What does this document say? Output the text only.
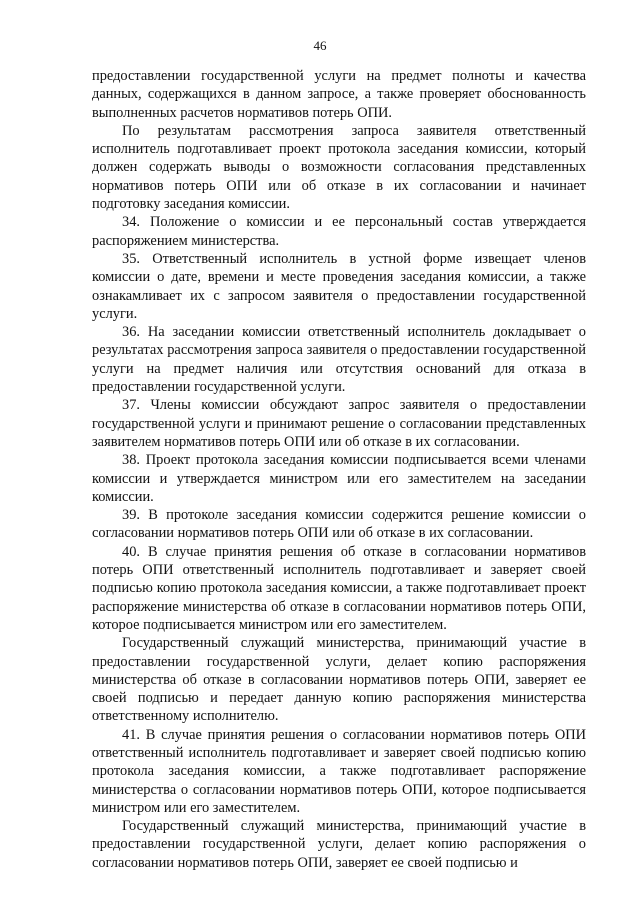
46

предоставлении государственной услуги на предмет полноты и качества данных, содержащихся в данном запросе, а также проверяет обоснованность выполненных расчетов нормативов потерь ОПИ.

По результатам рассмотрения запроса заявителя ответственный исполнитель подготавливает проект протокола заседания комиссии, который должен содержать выводы о возможности согласования представленных нормативов потерь ОПИ или об отказе в их согласовании и начинает подготовку заседания комиссии.

34. Положение о комиссии и ее персональный состав утверждается распоряжением министерства.

35. Ответственный исполнитель в устной форме извещает членов комиссии о дате, времени и месте проведения заседания комиссии, а также ознакамливает их с запросом заявителя о предоставлении государственной услуги.

36. На заседании комиссии ответственный исполнитель докладывает о результатах рассмотрения запроса заявителя о предоставлении государственной услуги на предмет наличия или отсутствия оснований для отказа в предоставлении государственной услуги.

37. Члены комиссии обсуждают запрос заявителя о предоставлении государственной услуги и принимают решение о согласовании представленных заявителем нормативов потерь ОПИ или об отказе в их согласовании.

38. Проект протокола заседания комиссии подписывается всеми членами комиссии и утверждается министром или его заместителем на заседании комиссии.

39. В протоколе заседания комиссии содержится решение комиссии о согласовании нормативов потерь ОПИ или об отказе в их согласовании.

40. В случае принятия решения об отказе в согласовании нормативов потерь ОПИ ответственный исполнитель подготавливает и заверяет своей подписью копию протокола заседания комиссии, а также подготавливает проект распоряжение министерства об отказе в согласовании нормативов потерь ОПИ, которое подписывается министром или его заместителем.

Государственный служащий министерства, принимающий участие в предоставлении государственной услуги, делает копию распоряжения министерства об отказе в согласовании нормативов потерь ОПИ, заверяет ее своей подписью и передает данную копию распоряжения министерства ответственному исполнителю.

41. В случае принятия решения о согласовании нормативов потерь ОПИ ответственный исполнитель подготавливает и заверяет своей подписью копию протокола заседания комиссии, а также подготавливает распоряжение министерства о согласовании нормативов потерь ОПИ, которое подписывается министром или его заместителем.

Государственный служащий министерства, принимающий участие в предоставлении государственной услуги, делает копию распоряжения о согласовании нормативов потерь ОПИ, заверяет ее своей подписью и
